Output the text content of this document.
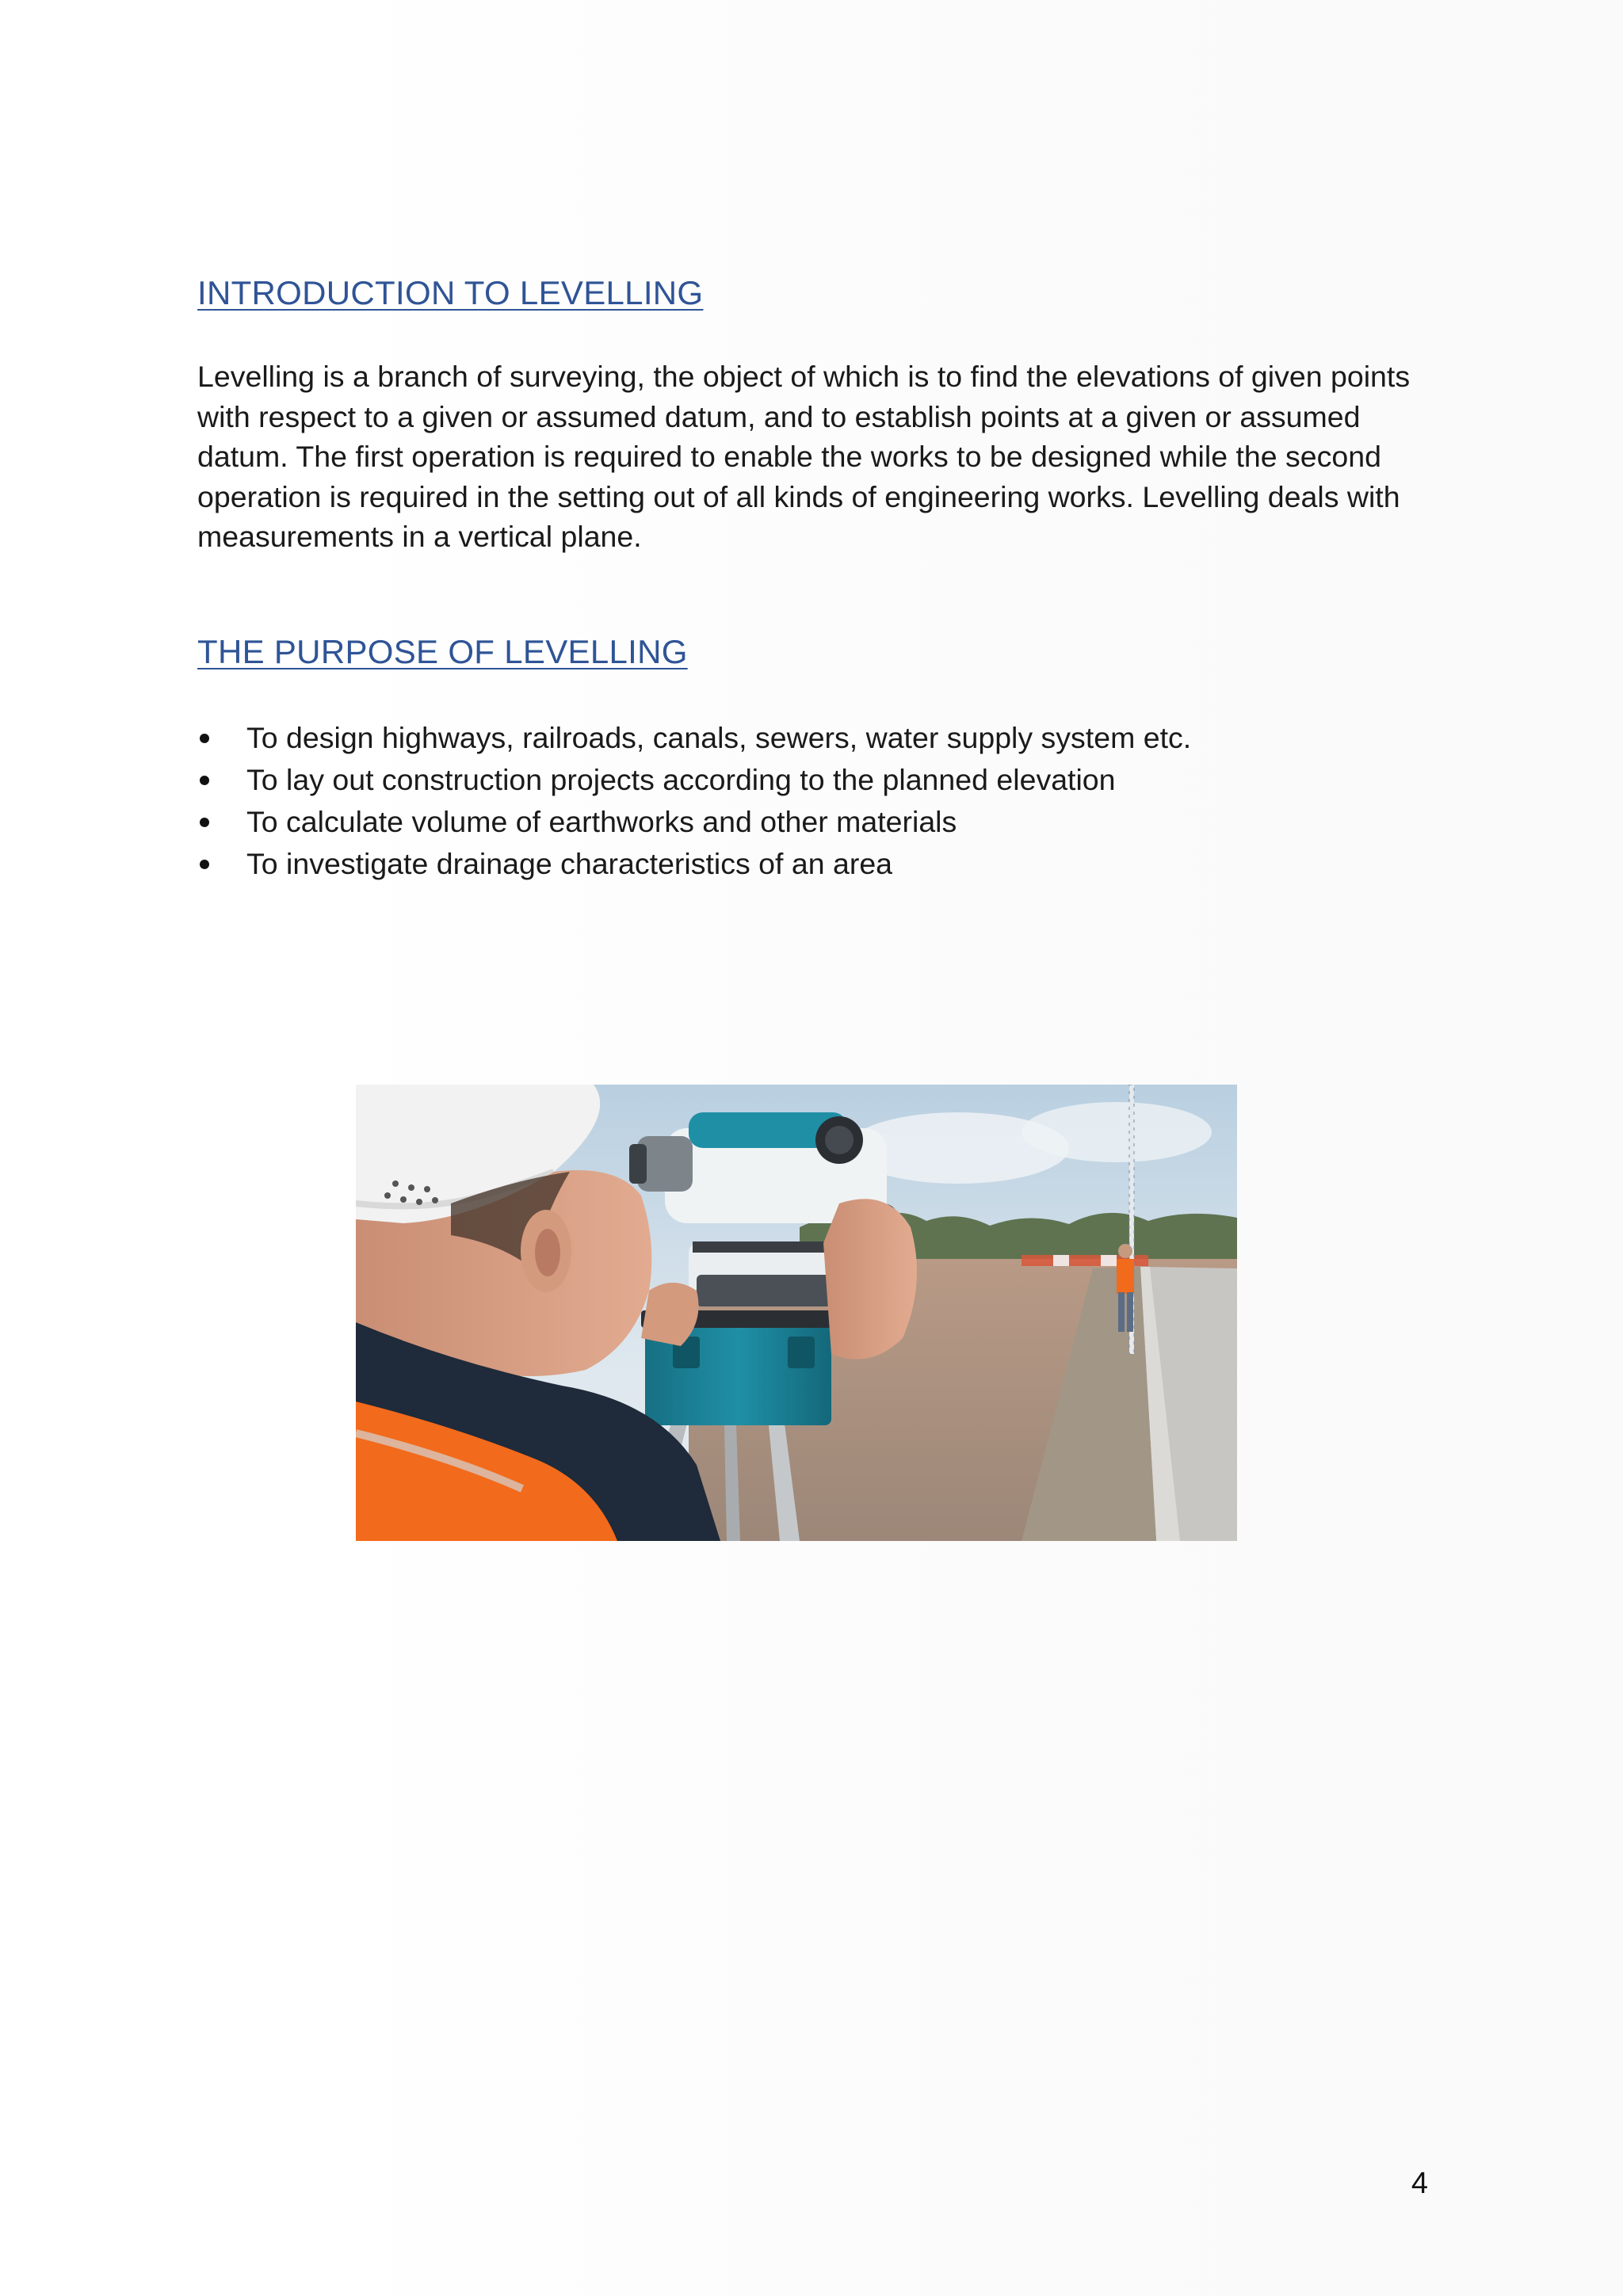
INTRODUCTION TO LEVELLING

Levelling is a branch of surveying, the object of which is to find the elevations of given points with respect to a given or assumed datum, and to establish points at a given or assumed datum. The first operation is required to enable the works to be designed while the second operation is required in the setting out of all kinds of engineering works. Levelling deals with measurements in a vertical plane.

THE PURPOSE OF LEVELLING
To design highways, railroads, canals, sewers, water supply system etc.
To lay out construction projects according to the planned elevation
To calculate volume of earthworks and other materials
To investigate drainage characteristics of an area
4
